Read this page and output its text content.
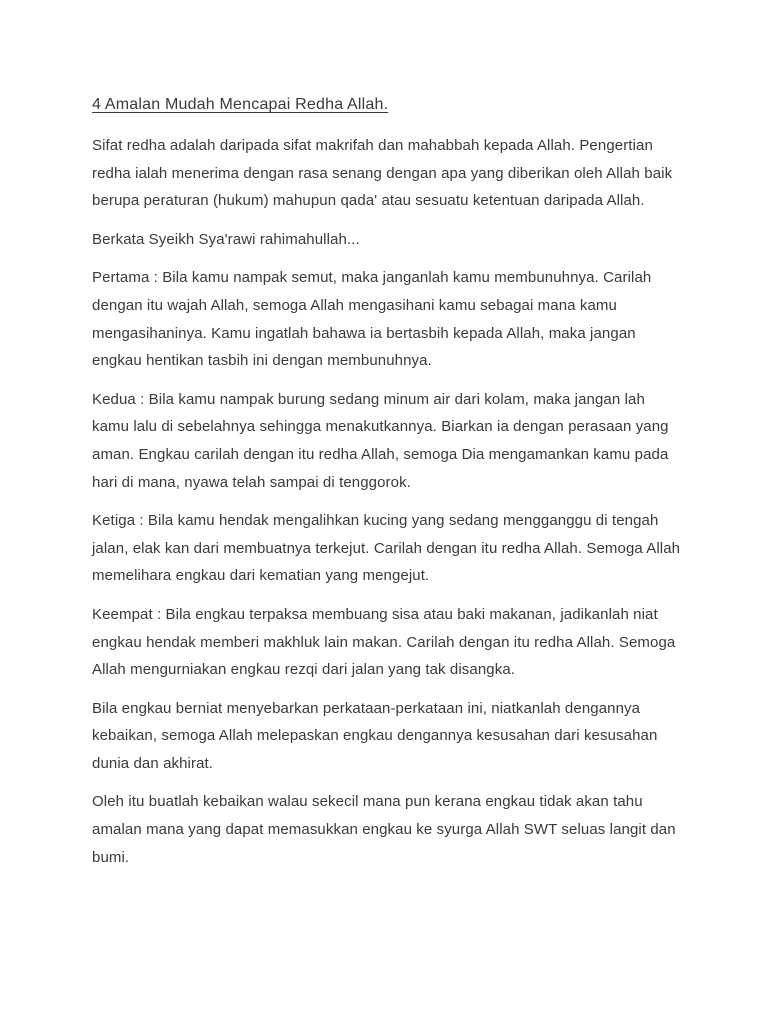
4 Amalan Mudah Mencapai Redha Allah.

Sifat redha adalah daripada sifat makrifah dan mahabbah kepada Allah. Pengertian redha ialah menerima dengan rasa senang dengan apa yang diberikan oleh Allah baik berupa peraturan (hukum) mahupun qada' atau sesuatu ketentuan daripada Allah.

Berkata Syeikh Sya'rawi rahimahullah...

Pertama : Bila kamu nampak semut, maka janganlah kamu membunuhnya. Carilah dengan itu wajah Allah, semoga Allah mengasihani kamu sebagai mana kamu mengasihaninya. Kamu ingatlah bahawa ia bertasbih kepada Allah, maka jangan engkau hentikan tasbih ini dengan membunuhnya.

Kedua : Bila kamu nampak burung sedang minum air dari kolam, maka jangan lah kamu lalu di sebelahnya sehingga menakutkannya. Biarkan ia dengan perasaan yang aman. Engkau carilah dengan itu redha Allah, semoga Dia mengamankan kamu pada hari di mana, nyawa telah sampai di tenggorok.

Ketiga : Bila kamu hendak mengalihkan kucing yang sedang mengganggu di tengah jalan, elak kan dari membuatnya terkejut. Carilah dengan itu redha Allah. Semoga Allah memelihara engkau dari kematian yang mengejut.

Keempat : Bila engkau terpaksa membuang sisa atau baki makanan, jadikanlah niat engkau hendak memberi makhluk lain makan. Carilah dengan itu redha Allah. Semoga Allah mengurniakan engkau rezqi dari jalan yang tak disangka.

Bila engkau berniat menyebarkan perkataan-perkataan ini, niatkanlah dengannya kebaikan, semoga Allah melepaskan engkau dengannya kesusahan dari kesusahan dunia dan akhirat.

Oleh itu buatlah kebaikan walau sekecil mana pun kerana engkau tidak akan tahu amalan mana yang dapat memasukkan engkau ke syurga Allah SWT seluas langit dan bumi.
